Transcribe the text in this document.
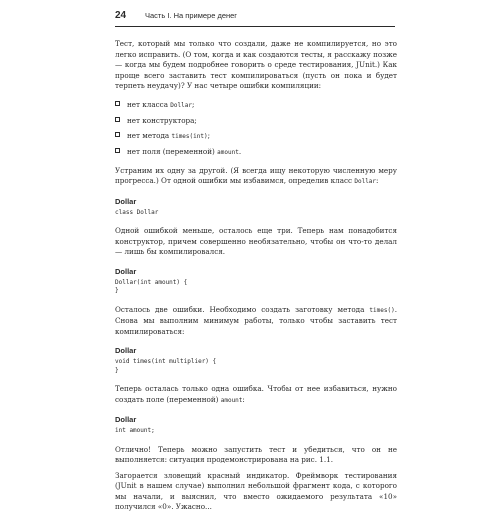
24	Часть I. На примере денег

Тест, который мы только что создали, даже не компилируется, но это легко исправить. (О том, когда и как создаются тесты, я расскажу позже — когда мы будем подробнее говорить о среде тестирования, JUnit.) Как проще всего заставить тест компилироваться (пусть он пока и будет терпеть неудачу)? У нас четыре ошибки компиляции:

нет класса Dollar;
нет конструктора;
нет метода times(int);
нет поля (переменной) amount.

Устраним их одну за другой. (Я всегда ищу некоторую численную меру прогресса.) От одной ошибки мы избавимся, определив класс Dollar:

Dollar
class Dollar

Одной ошибкой меньше, осталось еще три. Теперь нам понадобится конструктор, причем совершенно необязательно, чтобы он что-то делал — лишь бы компилировался.

Dollar
Dollar(int amount) {
}

Осталось две ошибки. Необходимо создать заготовку метода times(). Снова мы выполним минимум работы, только чтобы заставить тест компилироваться:

Dollar
void times(int multiplier) {
}

Теперь осталась только одна ошибка. Чтобы от нее избавиться, нужно создать поле (переменной) amount:

Dollar
int amount;

Отлично! Теперь можно запустить тест и убедиться, что он не выполняется: ситуация продемонстрирована на рис. 1.1.

Загорается зловещий красный индикатор. Фреймворк тестирования (JUnit в нашем случае) выполнил небольшой фрагмент кода, с которого мы начали, и выяснил, что вместо ожидаемого результата «10» получился «0». Ужасно...
